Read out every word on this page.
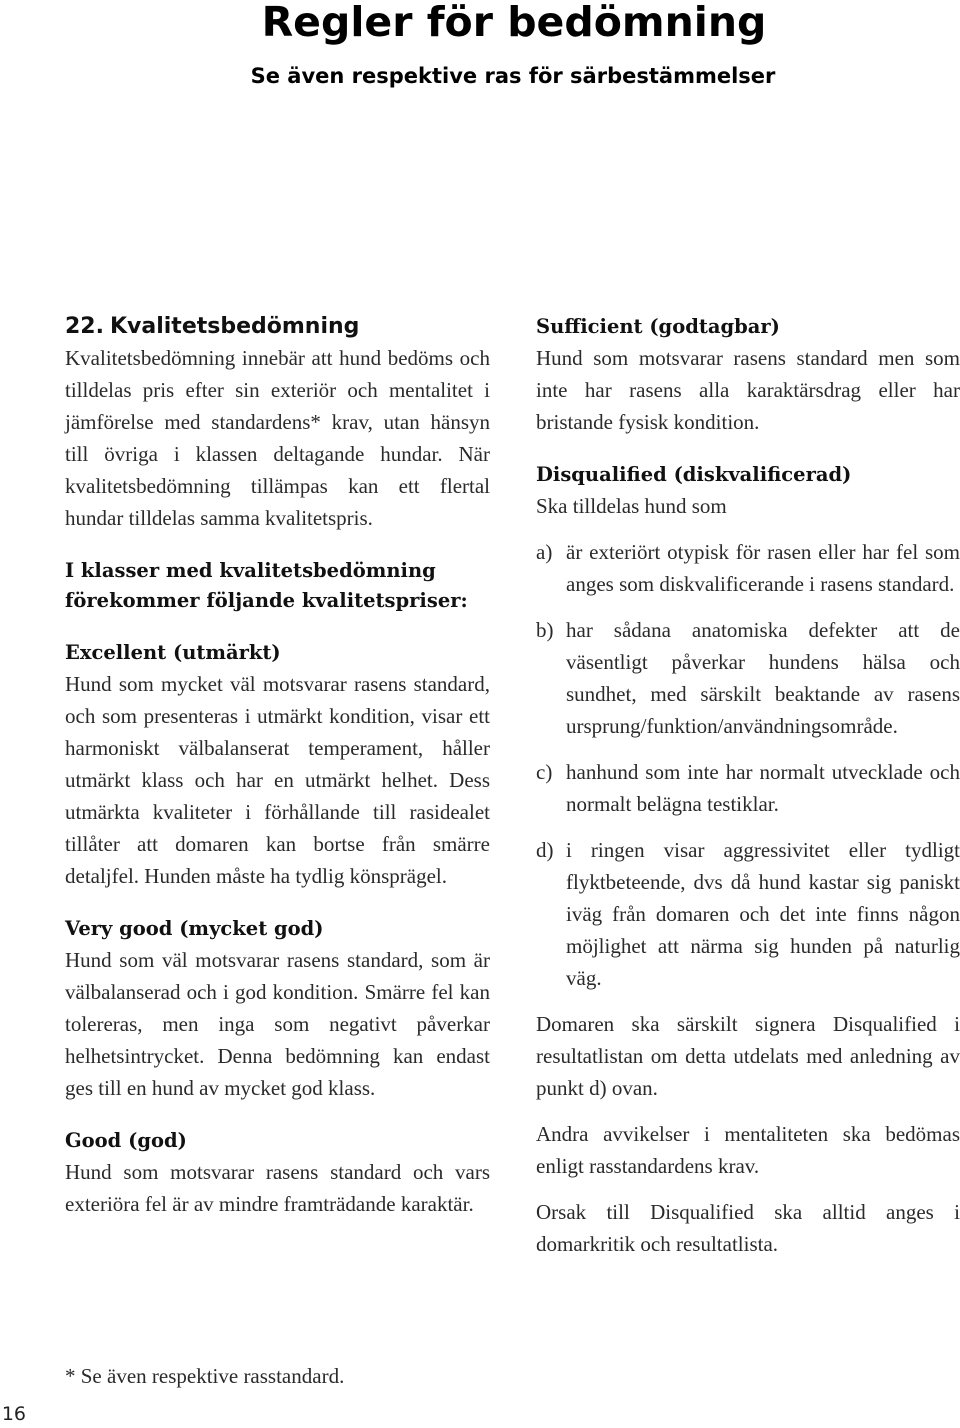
Regler för bedömning
Se även respektive ras för särbestämmelser
22. Kvalitetsbedömning

Kvalitetsbedömning innebär att hund bedöms och tilldelas pris efter sin exteriör och mentalitet i jämförelse med standardens* krav, utan hänsyn till övriga i klassen deltagande hundar. När kvalitetsbedömning tillämpas kan ett flertal hundar tilldelas samma kvalitetspris.

I klasser med kvalitetsbedömning förekommer följande kvalitetspriser:
Excellent (utmärkt)

Hund som mycket väl motsvarar rasens standard, och som presenteras i utmärkt kondition, visar ett harmoniskt välbalanserat temperament, håller utmärkt klass och har en utmärkt helhet. Dess utmärkta kvaliteter i förhållande till rasidealet tillåter att domaren kan bortse från smärre detaljfel. Hunden måste ha tydlig könsprägel.

Very good (mycket god)

Hund som väl motsvarar rasens standard, som är välbalanserad och i god kondition. Smärre fel kan tolereras, men inga som negativt påverkar helhetsintrycket. Denna bedömning kan endast ges till en hund av mycket god klass.

Good (god)

Hund som motsvarar rasens standard och vars exteriöra fel är av mindre framträdande karaktär.

Sufficient (godtagbar)

Hund som motsvarar rasens standard men som inte har rasens alla karaktärsdrag eller har bristande fysisk kondition.

Disqualified (diskvalificerad)

Ska tilldelas hund som

a) är exteriört otypisk för rasen eller har fel som anges som diskvalificerande i rasens standard.
b) har sådana anatomiska defekter att de väsentligt påverkar hundens hälsa och sundhet, med särskilt beaktande av rasens ursprung/funktion/användningsområde.
c) hanhund som inte har normalt utvecklade och normalt belägna testiklar.
d) i ringen visar aggressivitet eller tydligt flyktbeteende, dvs då hund kastar sig paniskt iväg från domaren och det inte finns någon möjlighet att närma sig hunden på naturlig väg.

Domaren ska särskilt signera Disqualified i resultatlistan om detta utdelats med anledning av punkt d) ovan.

Andra avvikelser i mentaliteten ska bedömas enligt rasstandardens krav.

Orsak till Disqualified ska alltid anges i domarkritik och resultatlista.

* Se även respektive rasstandard.
16
